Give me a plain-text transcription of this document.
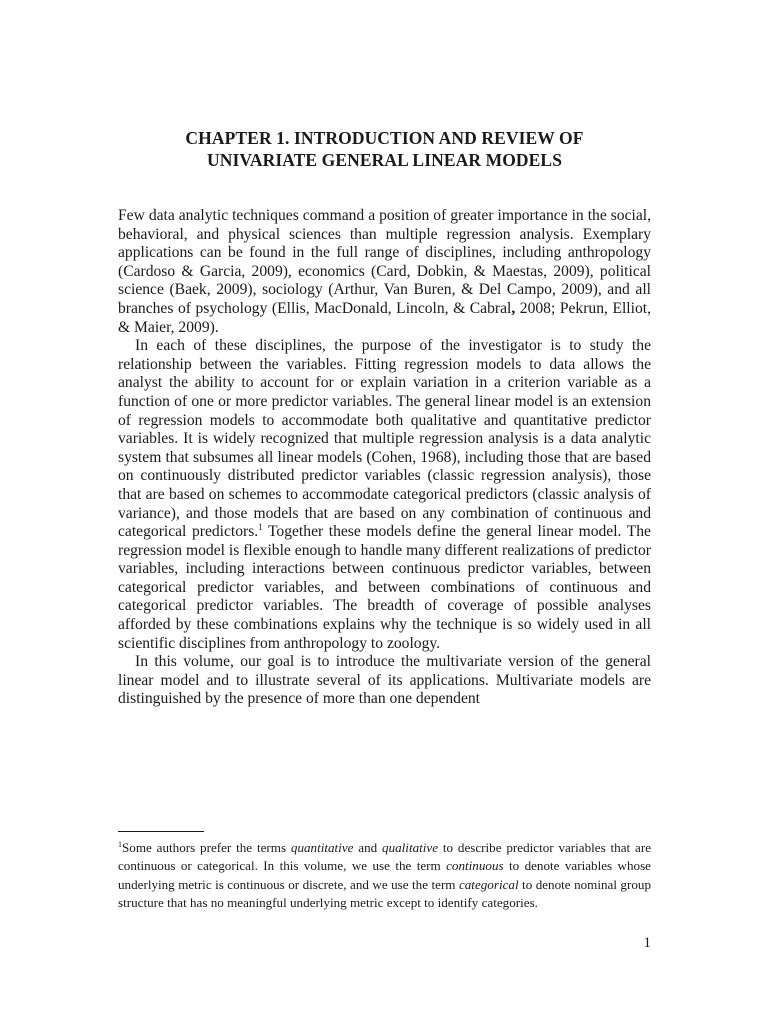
CHAPTER 1. INTRODUCTION AND REVIEW OF
UNIVARIATE GENERAL LINEAR MODELS

Few data analytic techniques command a position of greater importance in the social, behavioral, and physical sciences than multiple regression analysis. Exemplary applications can be found in the full range of disciplines, including anthropology (Cardoso & Garcia, 2009), economics (Card, Dobkin, & Maestas, 2009), political science (Baek, 2009), sociology (Arthur, Van Buren, & Del Campo, 2009), and all branches of psychology (Ellis, MacDonald, Lincoln, & Cabral, 2008; Pekrun, Elliot, & Maier, 2009).

In each of these disciplines, the purpose of the investigator is to study the relationship between the variables. Fitting regression models to data allows the analyst the ability to account for or explain variation in a criterion variable as a function of one or more predictor variables. The general linear model is an extension of regression models to accommodate both qualitative and quantitative predictor variables. It is widely recognized that multiple regression analysis is a data analytic system that subsumes all linear models (Cohen, 1968), including those that are based on continuously distributed predictor variables (classic regression analysis), those that are based on schemes to accommodate categorical predictors (classic analysis of variance), and those models that are based on any combination of continuous and categorical predictors.$^1$ Together these models define the general linear model. The regression model is flexible enough to handle many different realizations of predictor variables, including interactions between continuous predictor variables, between categorical predictor variables, and between combinations of continuous and categorical predictor variables. The breadth of coverage of possible analyses afforded by these combinations explains why the technique is so widely used in all scientific disciplines from anthropology to zoology.

In this volume, our goal is to introduce the multivariate version of the general linear model and to illustrate several of its applications. Multivariate models are distinguished by the presence of more than one dependent

$^1$Some authors prefer the terms quantitative and qualitative to describe predictor variables that are continuous or categorical. In this volume, we use the term continuous to denote variables whose underlying metric is continuous or discrete, and we use the term categorical to denote nominal group structure that has no meaningful underlying metric except to identify categories.
1
